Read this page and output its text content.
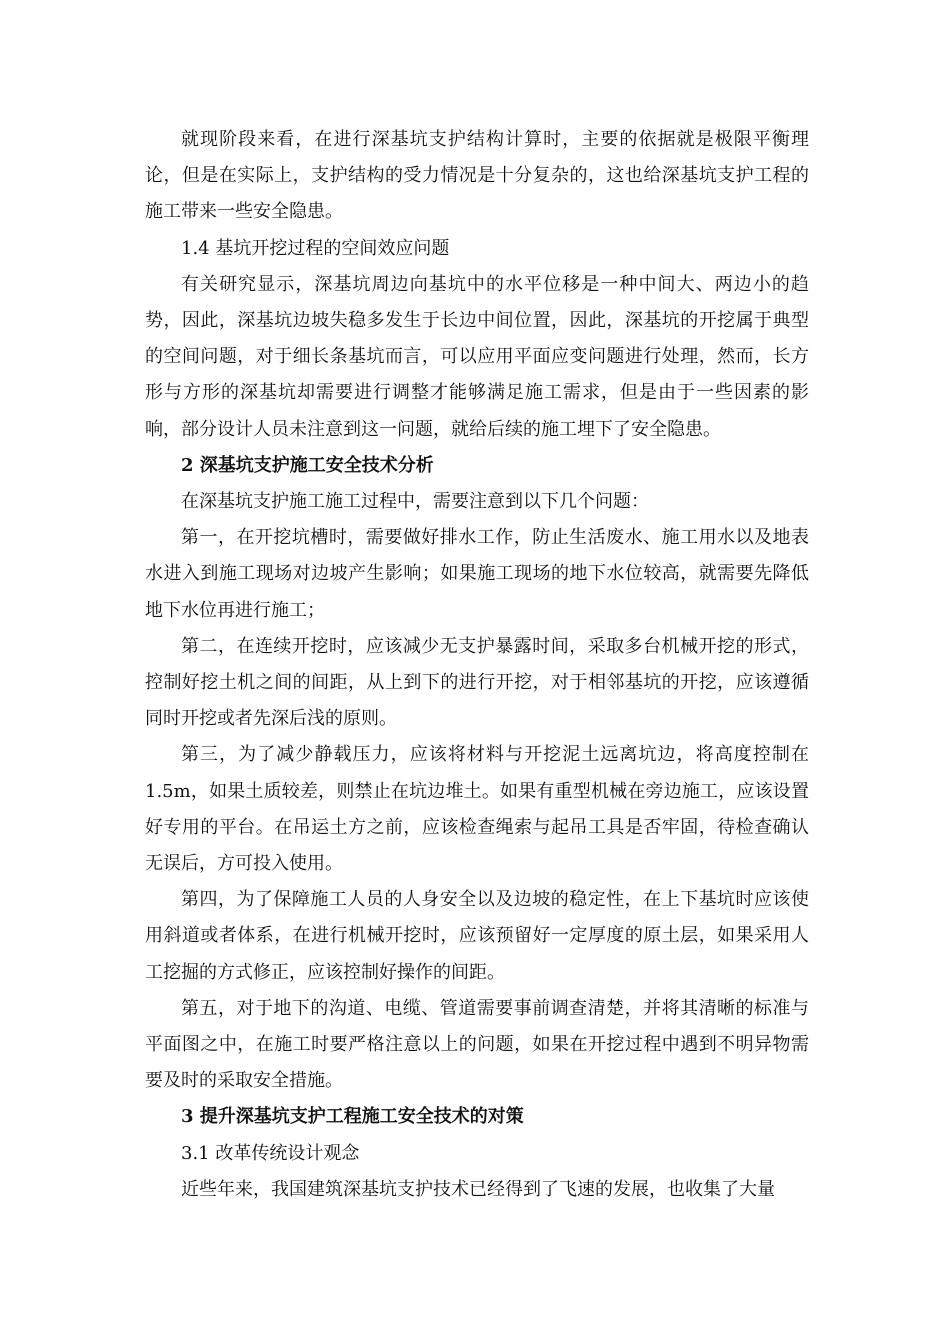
就现阶段来看，在进行深基坑支护结构计算时，主要的依据就是极限平衡理论，但是在实际上，支护结构的受力情况是十分复杂的，这也给深基坑支护工程的施工带来一些安全隐患。

1.4 基坑开挖过程的空间效应问题

有关研究显示，深基坑周边向基坑中的水平位移是一种中间大、两边小的趋势，因此，深基坑边坡失稳多发生于长边中间位置，因此，深基坑的开挖属于典型的空间问题，对于细长条基坑而言，可以应用平面应变问题进行处理，然而，长方形与方形的深基坑却需要进行调整才能够满足施工需求，但是由于一些因素的影响，部分设计人员未注意到这一问题，就给后续的施工埋下了安全隐患。

2 深基坑支护施工安全技术分析

在深基坑支护施工施工过程中，需要注意到以下几个问题：

第一，在开挖坑槽时，需要做好排水工作，防止生活废水、施工用水以及地表水进入到施工现场对边坡产生影响；如果施工现场的地下水位较高，就需要先降低地下水位再进行施工；

第二，在连续开挖时，应该减少无支护暴露时间，采取多台机械开挖的形式，控制好挖土机之间的间距，从上到下的进行开挖，对于相邻基坑的开挖，应该遵循同时开挖或者先深后浅的原则。

第三，为了减少静载压力，应该将材料与开挖泥土远离坑边，将高度控制在1.5m，如果土质较差，则禁止在坑边堆土。如果有重型机械在旁边施工，应该设置好专用的平台。在吊运土方之前，应该检查绳索与起吊工具是否牢固，待检查确认无误后，方可投入使用。

第四，为了保障施工人员的人身安全以及边坡的稳定性，在上下基坑时应该使用斜道或者体系，在进行机械开挖时，应该预留好一定厚度的原土层，如果采用人工挖掘的方式修正，应该控制好操作的间距。

第五，对于地下的沟道、电缆、管道需要事前调查清楚，并将其清晰的标准与平面图之中，在施工时要严格注意以上的问题，如果在开挖过程中遇到不明异物需要及时的采取安全措施。

3 提升深基坑支护工程施工安全技术的对策

3.1 改革传统设计观念

近些年来，我国建筑深基坑支护技术已经得到了飞速的发展，也收集了大量
